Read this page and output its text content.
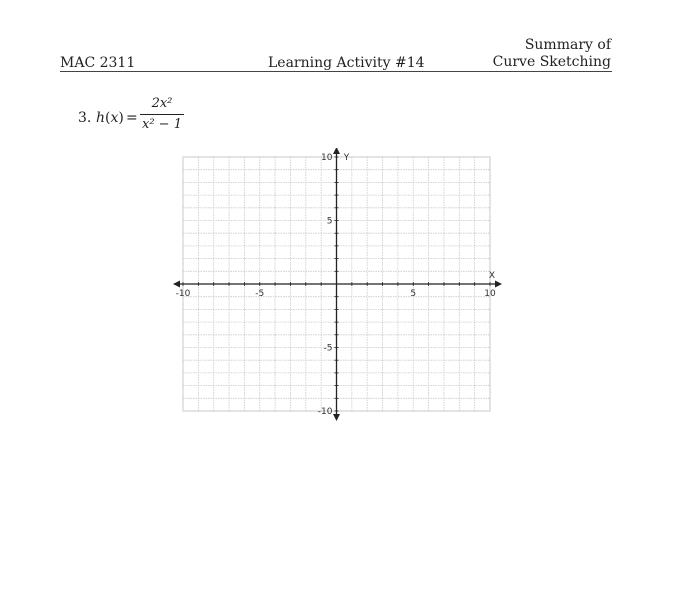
MAC 2311	Learning Activity #14
Summary of
Curve Sketching
3. h(x) =
2x²
x² − 1
-10	-5	5	10
10
5
-5
-10
X
Y
